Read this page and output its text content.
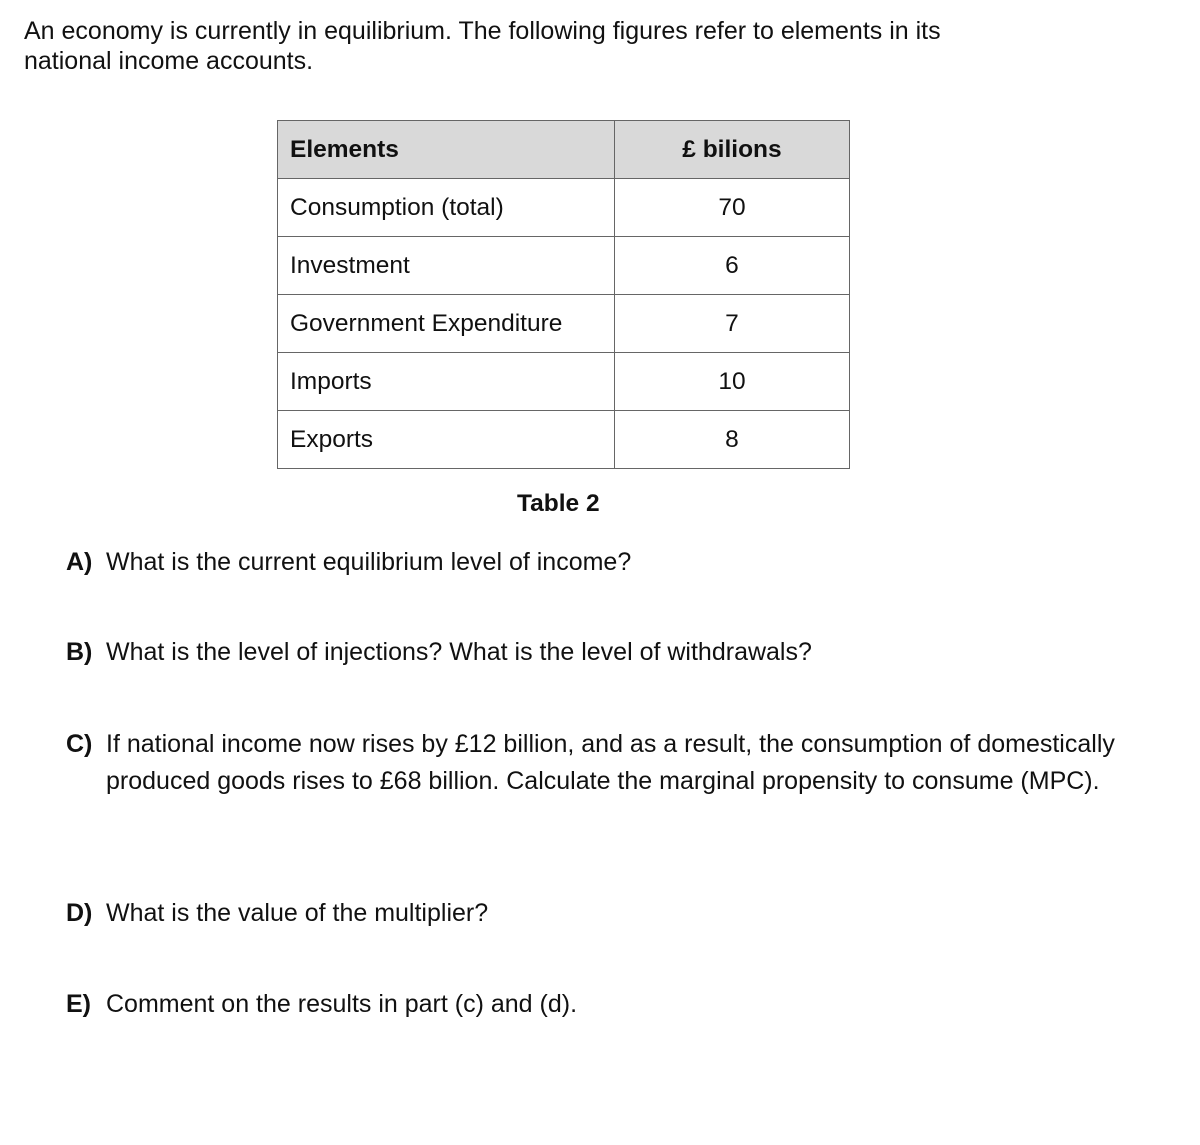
An economy is currently in equilibrium. The following figures refer to elements in its

national income accounts.

Elements	£ bilions
Consumption (total)	70
Investment	6
Government Expenditure	7
Imports	10
Exports	8
Table 2
A) What is the current equilibrium level of income?
B) What is the level of injections? What is the level of withdrawals?
C) If national income now rises by £12 billion, and as a result, the consumption of domestically produced goods rises to £68 billion. Calculate the marginal propensity to consume (MPC).
D) What is the value of the multiplier?
E) Comment on the results in part (c) and (d).
